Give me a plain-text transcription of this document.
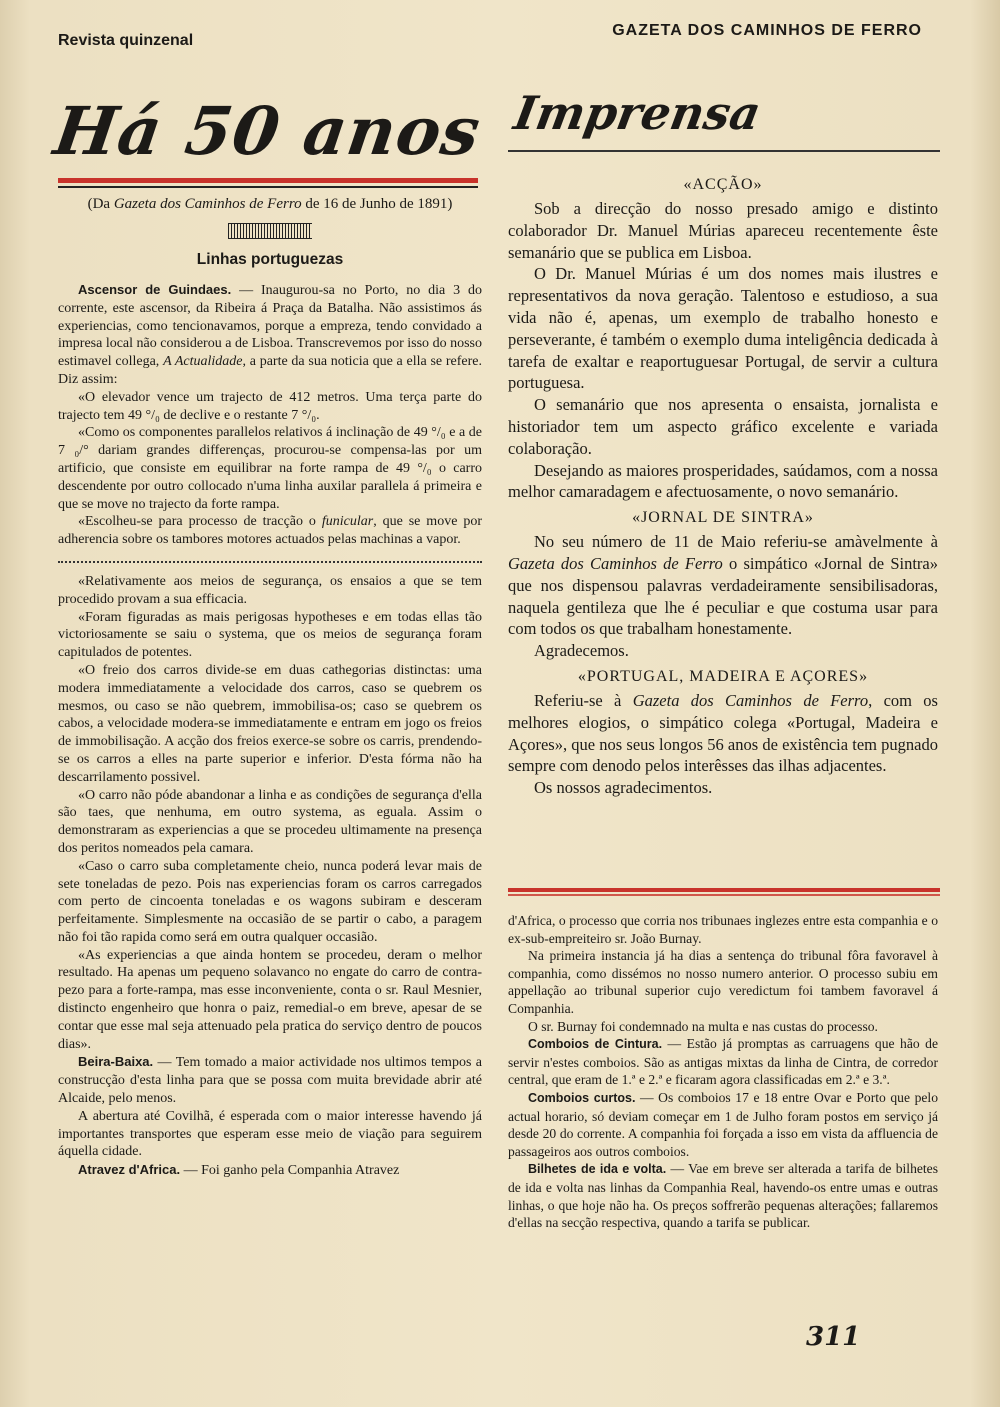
Revista quinzenal
GAZETA DOS CAMINHOS DE FERRO
Há 50 anos Imprensa

(Da Gazeta dos Caminhos de Ferro de 16 de Junho de 1891)

Linhas portuguezas

Ascensor de Guindaes. — Inaugurou-sa no Porto, no dia 3 do corrente, este ascensor, da Ribeira á Praça da Batalha. Não assistimos ás experiencias, como tencionavamos, porque a empreza, tendo convidado a impresa local não considerou a de Lisboa. Transcrevemos por isso do nosso estimavel collega, A Actualidade, a parte da sua noticia que a ella se refere. Diz assim:

«O elevador vence um trajecto de 412 metros. Uma terça parte do trajecto tem 49 °/₀ de declive e o restante 7 °/₀.

«Como os componentes parallelos relativos á inclinação de 49 °/₀ e a de 7 ₀/° dariam grandes differenças, procurou-se compensa-las por um artificio, que consiste em equilibrar na forte rampa de 49 °/₀ o carro descendente por outro collocado n'uma linha auxilar parallela á primeira e que se move no trajecto da forte rampa.

«Escolheu-se para processo de tracção o funicular, que se move por adherencia sobre os tambores motores actuados pelas machinas a vapor.

«Relativamente aos meios de segurança, os ensaios a que se tem procedido provam a sua efficacia.

«Foram figuradas as mais perigosas hypotheses e em todas ellas tão victoriosamente se saiu o systema, que os meios de segurança foram capitulados de potentes.

«O freio dos carros divide-se em duas cathegorias distinctas: uma modera immediatamente a velocidade dos carros, caso se quebrem os mesmos, ou caso se não quebrem, immobilisa-os; caso se quebrem os cabos, a velocidade modera-se immediatamente e entram em jogo os freios de immobilisação. A acção dos freios exerce-se sobre os carris, prendendo-se os carros a elles na parte superior e inferior. D'esta fórma não ha descarrilamento possivel.

«O carro não póde abandonar a linha e as condições de segurança d'ella são taes, que nenhuma, em outro systema, as eguala. Assim o demonstraram as experiencias a que se procedeu ultimamente na presença dos peritos nomeados pela camara.

«Caso o carro suba completamente cheio, nunca poderá levar mais de sete toneladas de pezo. Pois nas experiencias foram os carros carregados com perto de cincoenta toneladas e os wagons subiram e desceram perfeitamente. Simplesmente na occasião de se partir o cabo, a paragem não foi tão rapida como será em outra qualquer occasião.

«As experiencias a que ainda hontem se procedeu, deram o melhor resultado. Ha apenas um pequeno solavanco no engate do carro de contra-pezo para a forte-rampa, mas esse inconveniente, conta o sr. Raul Mesnier, distincto engenheiro que honra o paiz, remedial-o em breve, apesar de se contar que esse mal seja attenuado pela pratica do serviço dentro de poucos dias».

Beira-Baixa. — Tem tomado a maior actividade nos ultimos tempos a construcção d'esta linha para que se possa com muita brevidade abrir até Alcaide, pelo menos.

A abertura até Covilhã, é esperada com o maior interesse havendo já importantes transportes que esperam esse meio de viação para seguirem áquella cidade.

Atravez d'Africa. — Foi ganho pela Companhia Atravez

«ACÇÃO»

Sob a direcção do nosso presado amigo e distinto colaborador Dr. Manuel Múrias apareceu recentemente êste semanário que se publica em Lisboa.

O Dr. Manuel Múrias é um dos nomes mais ilustres e representativos da nova geração. Talentoso e estudioso, a sua vida não é, apenas, um exemplo de trabalho honesto e perseverante, é também o exemplo duma inteligência dedicada à tarefa de exaltar e reaportuguesar Portugal, de servir a cultura portuguesa.

O semanário que nos apresenta o ensaista, jornalista e historiador tem um aspecto gráfico excelente e variada colaboração.

Desejando as maiores prosperidades, saúdamos, com a nossa melhor camaradagem e afectuosamente, o novo semanário.

«JORNAL DE SINTRA»

No seu número de 11 de Maio referiu-se amàvelmente à Gazeta dos Caminhos de Ferro o simpático «Jornal de Sintra» que nos dispensou palavras verdadeiramente sensibilisadoras, naquela gentileza que lhe é peculiar e que costuma usar para com todos os que trabalham honestamente.

Agradecemos.

«PORTUGAL, MADEIRA E AÇORES»

Referiu-se à Gazeta dos Caminhos de Ferro, com os melhores elogios, o simpático colega «Portugal, Madeira e Açores», que nos seus longos 56 anos de existência tem pugnado sempre com denodo pelos interêsses das ilhas adjacentes.

Os nossos agradecimentos.

d'Africa, o processo que corria nos tribunaes inglezes entre esta companhia e o ex-sub-empreiteiro sr. João Burnay.

Na primeira instancia já ha dias a sentença do tribunal fôra favoravel à companhia, como dissémos no nosso numero anterior. O processo subiu em appellação ao tribunal superior cujo veredictum foi tambem favoravel á Companhia.

O sr. Burnay foi condemnado na multa e nas custas do processo.

Comboios de Cintura. — Estão já promptas as carruagens que hão de servir n'estes comboios. São as antigas mixtas da linha de Cintra, de corredor central, que eram de 1.ª e 2.ª e ficaram agora classificadas em 2.ª e 3.ª.

Comboios curtos. — Os comboios 17 e 18 entre Ovar e Porto que pelo actual horario, só deviam começar em 1 de Julho foram postos em serviço já desde 20 do corrente. A companhia foi forçada a isso em vista da affluencia de passageiros aos outros comboios.

Bilhetes de ida e volta. — Vae em breve ser alterada a tarifa de bilhetes de ida e volta nas linhas da Companhia Real, havendo-os entre umas e outras linhas, o que hoje não ha. Os preços soffrerão pequenas alterações; fallaremos d'ellas na secção respectiva, quando a tarifa se publicar.

311
